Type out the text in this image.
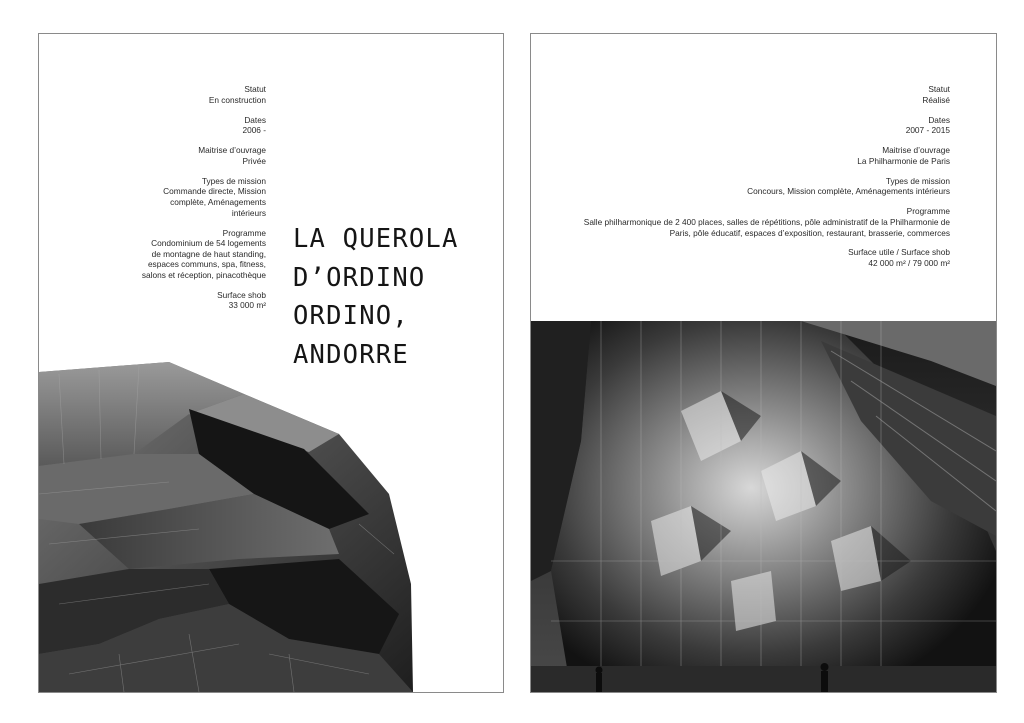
Statut
En construction
Dates
2006 -
Maitrise d’ouvrage
Privée
Types de mission
Commande directe, Mission
complète, Aménagements
intérieurs
Programme
Condominium de 54 logements
de montagne de haut standing,
espaces communs, spa, fitness,
salons et réception, pinacothèque
Surface shob
33 000 m²
LA QUEROLA
D’ORDINO
ORDINO,
ANDORRE
Statut
Réalisé
Dates
2007 - 2015
Maitrise d’ouvrage
La Philharmonie de Paris
Types de mission
Concours, Mission complète, Aménagements intérieurs
Programme
Salle philharmonique de 2 400 places, salles de répétitions, pôle administratif de la Philharmonie de
Paris, pôle éducatif, espaces d’exposition, restaurant, brasserie, commerces
Surface utile / Surface shob
42 000 m² / 79 000 m²
